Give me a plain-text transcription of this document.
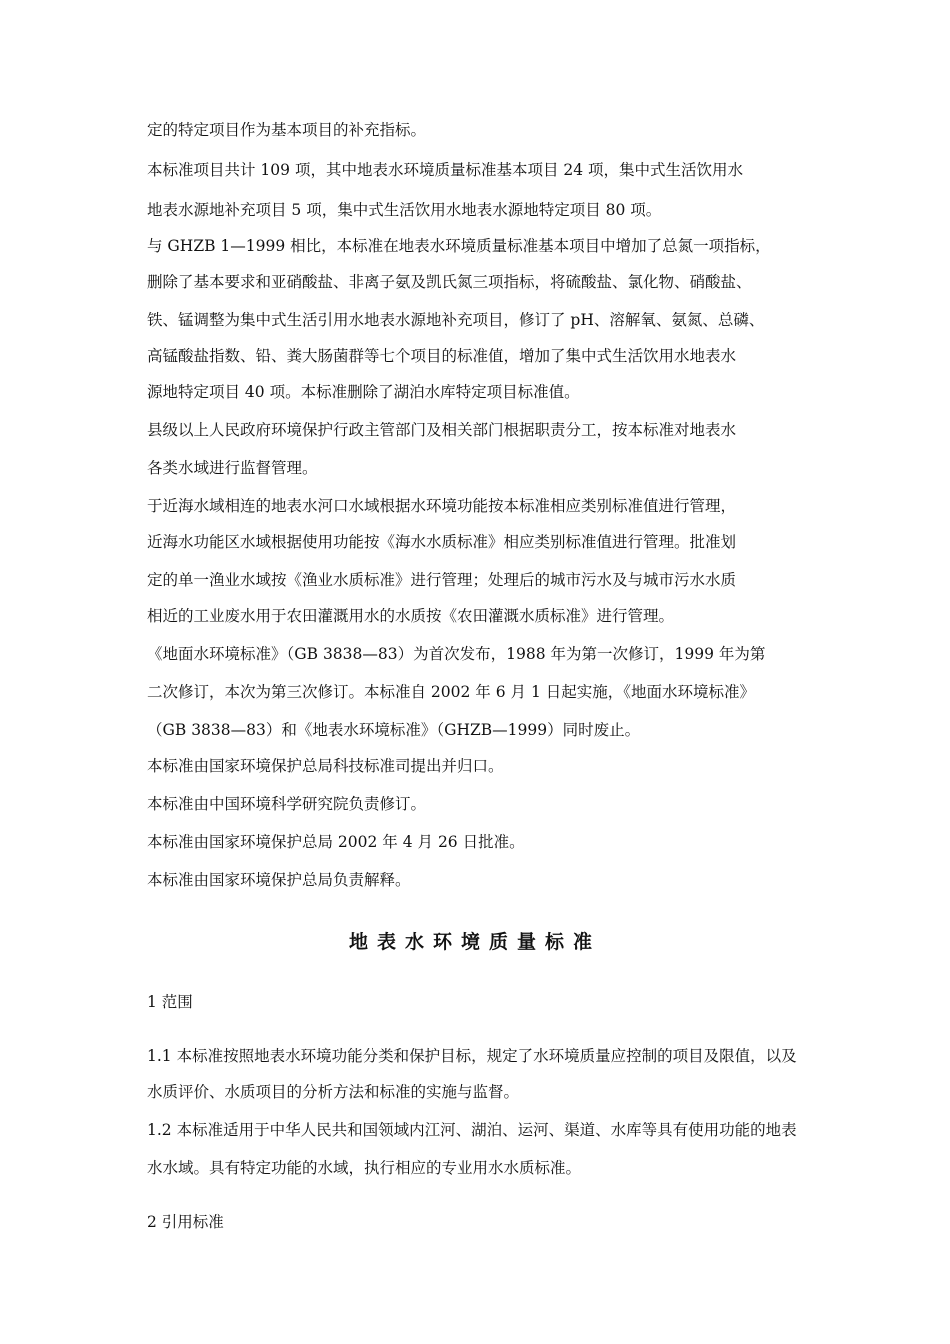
定的特定项目作为基本项目的补充指标。

本标准项目共计 109 项，其中地表水环境质量标准基本项目 24 项，集中式生活饮用水

地表水源地补充项目 5 项，集中式生活饮用水地表水源地特定项目 80 项。

与 GHZB 1—1999 相比，本标准在地表水环境质量标准基本项目中增加了总氮一项指标，

删除了基本要求和亚硝酸盐、非离子氨及凯氏氮三项指标，将硫酸盐、氯化物、硝酸盐、

铁、锰调整为集中式生活引用水地表水源地补充项目，修订了 pH、溶解氧、氨氮、总磷、

高锰酸盐指数、铅、粪大肠菌群等七个项目的标准值，增加了集中式生活饮用水地表水

源地特定项目 40 项。本标准删除了湖泊水库特定项目标准值。

县级以上人民政府环境保护行政主管部门及相关部门根据职责分工，按本标准对地表水

各类水域进行监督管理。

于近海水域相连的地表水河口水域根据水环境功能按本标准相应类别标准值进行管理，

近海水功能区水域根据使用功能按《海水水质标准》相应类别标准值进行管理。批准划

定的单一渔业水域按《渔业水质标准》进行管理；处理后的城市污水及与城市污水水质

相近的工业废水用于农田灌溉用水的水质按《农田灌溉水质标准》进行管理。

《地面水环境标准》（GB 3838—83）为首次发布，1988 年为第一次修订，1999 年为第

二次修订，本次为第三次修订。本标准自 2002 年 6 月 1 日起实施，《地面水环境标准》

（GB 3838—83）和《地表水环境标准》（GHZB—1999）同时废止。

本标准由国家环境保护总局科技标准司提出并归口。

本标准由中国环境科学研究院负责修订。

本标准由国家环境保护总局 2002 年 4 月 26 日批准。

本标准由国家环境保护总局负责解释。

地表水环境质量标准

1 范围

1.1 本标准按照地表水环境功能分类和保护目标，规定了水环境质量应控制的项目及限值，以及

水质评价、水质项目的分析方法和标准的实施与监督。

1.2 本标准适用于中华人民共和国领域内江河、湖泊、运河、渠道、水库等具有使用功能的地表

水水域。具有特定功能的水域，执行相应的专业用水水质标准。

2 引用标准
